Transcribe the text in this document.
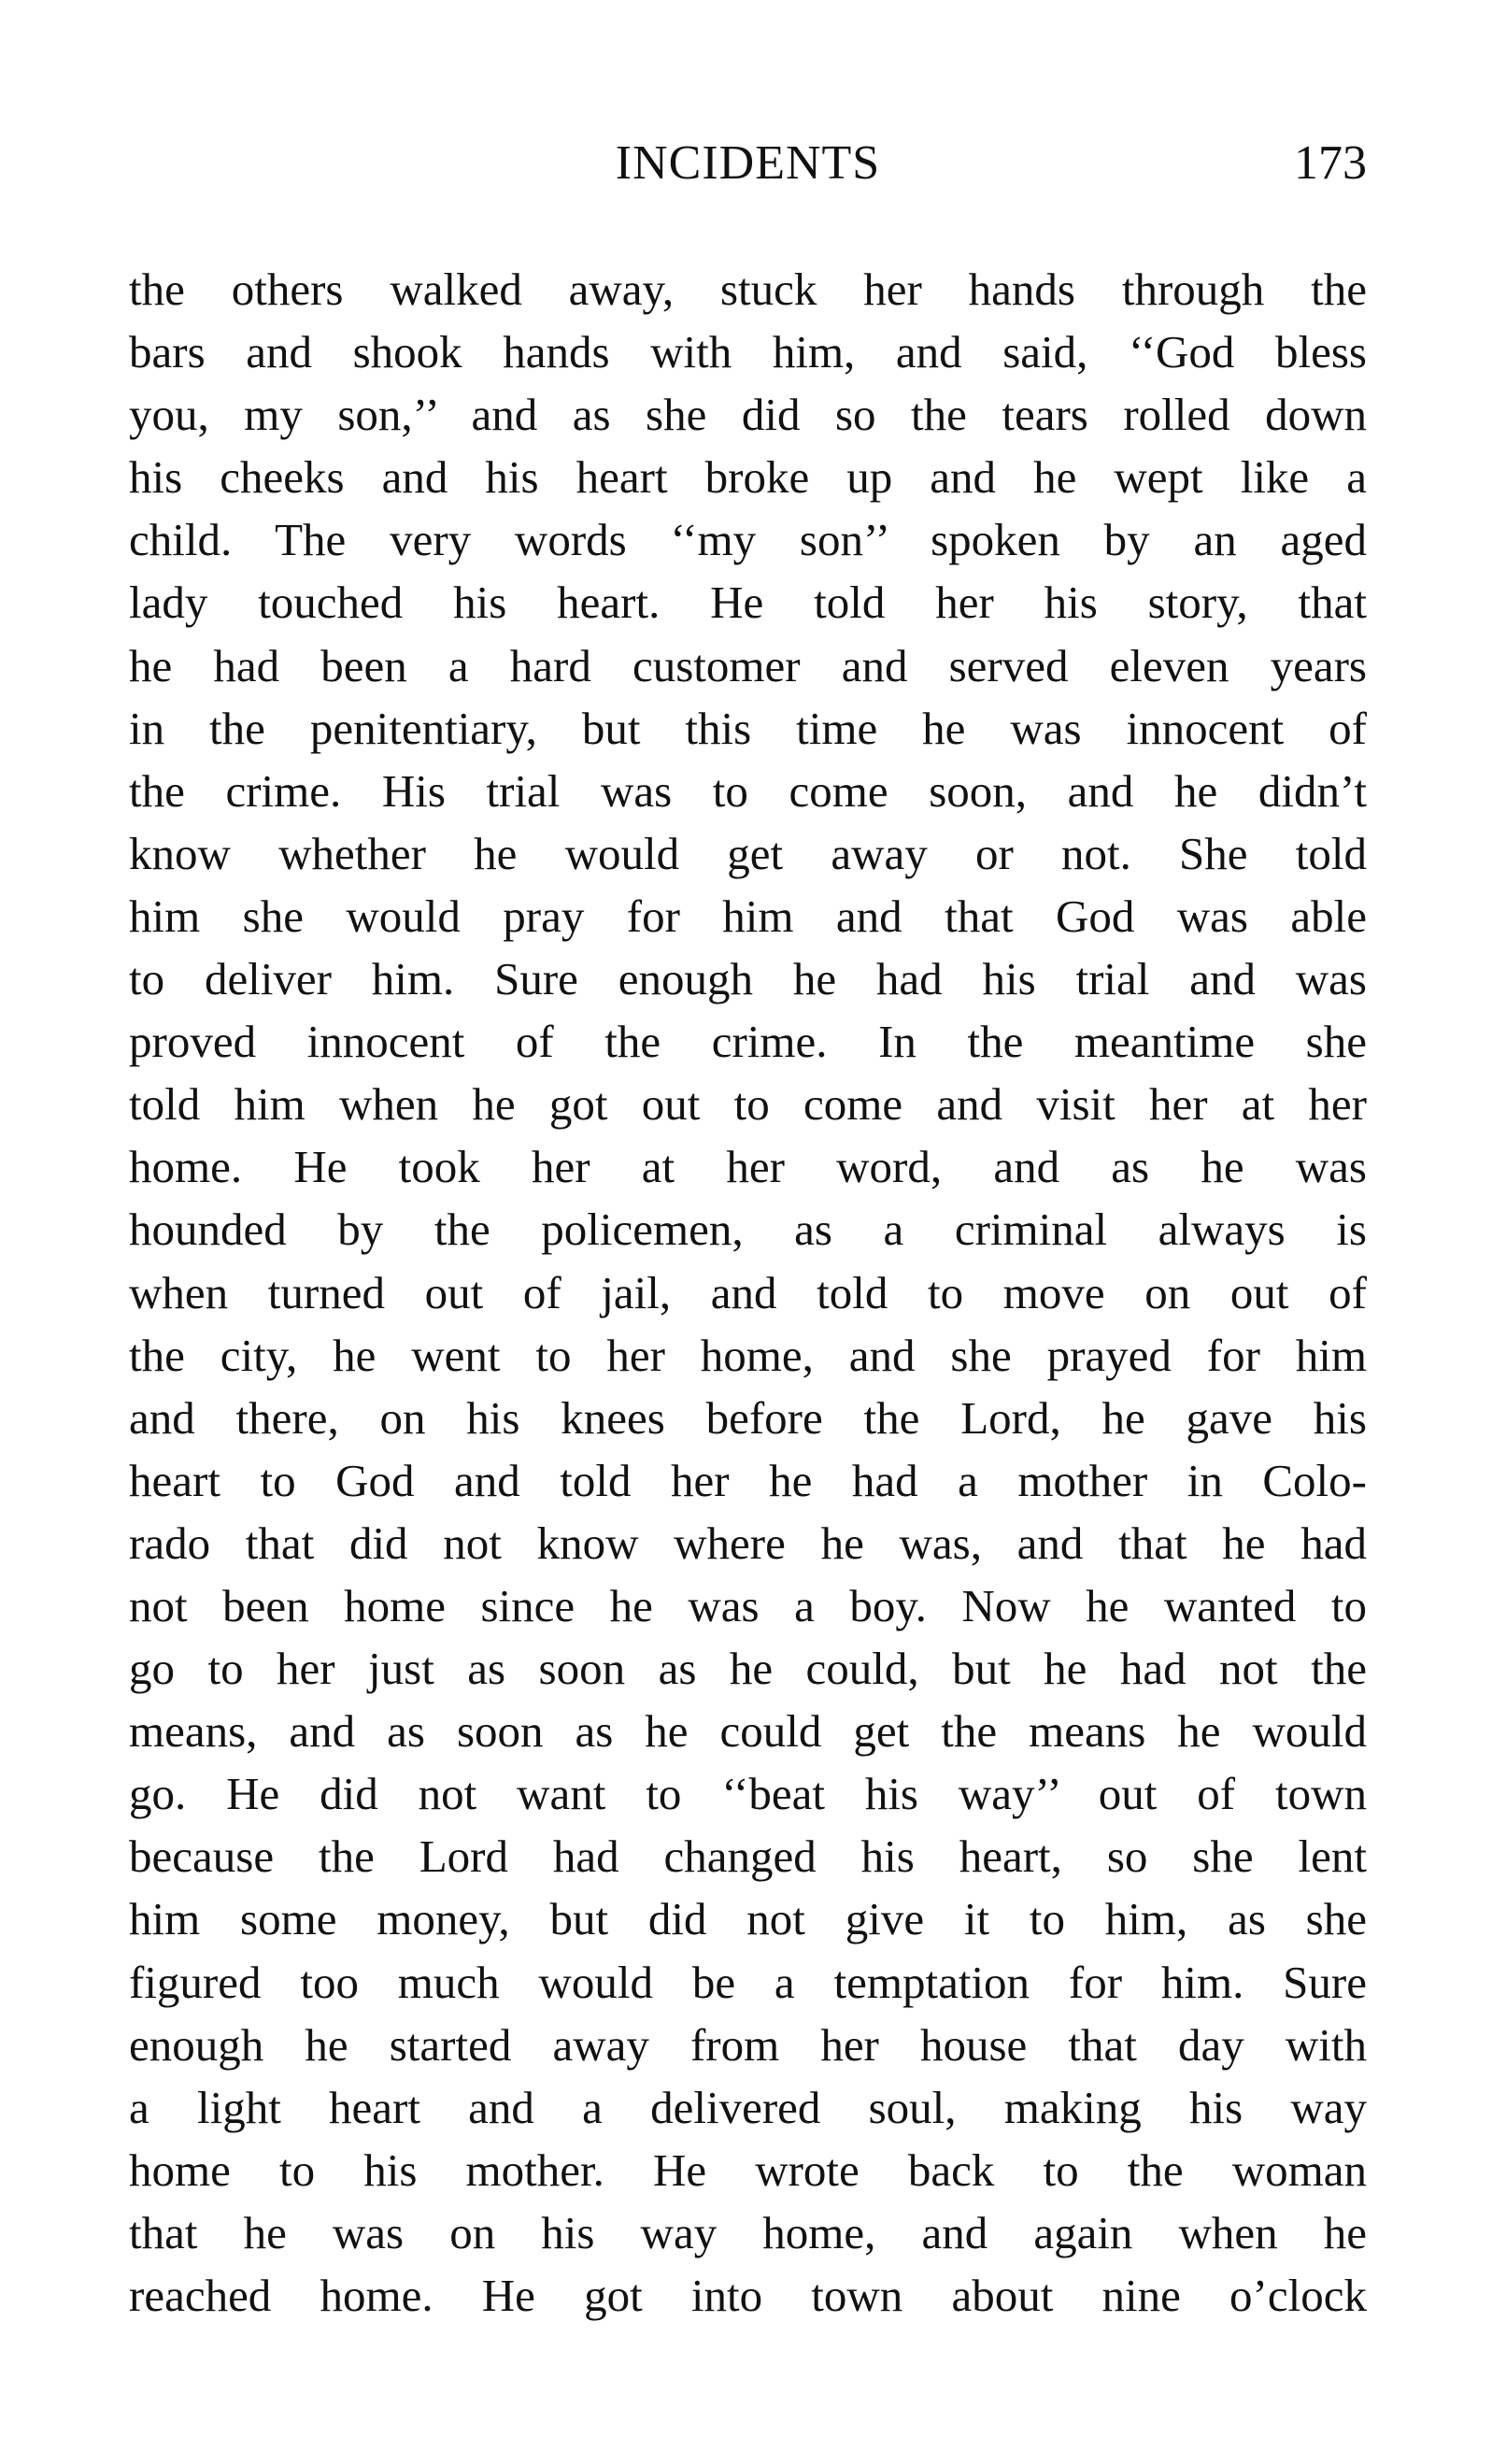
INCIDENTS	173
the others walked away, stuck her hands through the
bars and shook hands with him, and said, ‘‘God bless
you, my son,’’ and as she did so the tears rolled down
his cheeks and his heart broke up and he wept like a
child. The very words ‘‘my son’’ spoken by an aged
lady touched his heart. He told her his story, that
he had been a hard customer and served eleven years
in the penitentiary, but this time he was innocent of
the crime. His trial was to come soon, and he didn’t
know whether he would get away or not. She told
him she would pray for him and that God was able
to deliver him. Sure enough he had his trial and was
proved innocent of the crime. In the meantime she
told him when he got out to come and visit her at her
home. He took her at her word, and as he was
hounded by the policemen, as a criminal always is
when turned out of jail, and told to move on out of
the city, he went to her home, and she prayed for him
and there, on his knees before the Lord, he gave his
heart to God and told her he had a mother in Colo-
rado that did not know where he was, and that he had
not been home since he was a boy. Now he wanted to
go to her just as soon as he could, but he had not the
means, and as soon as he could get the means he would
go. He did not want to ‘‘beat his way’’ out of town
because the Lord had changed his heart, so she lent
him some money, but did not give it to him, as she
figured too much would be a temptation for him. Sure
enough he started away from her house that day with
a light heart and a delivered soul, making his way
home to his mother. He wrote back to the woman
that he was on his way home, and again when he
reached home. He got into town about nine o’clock
